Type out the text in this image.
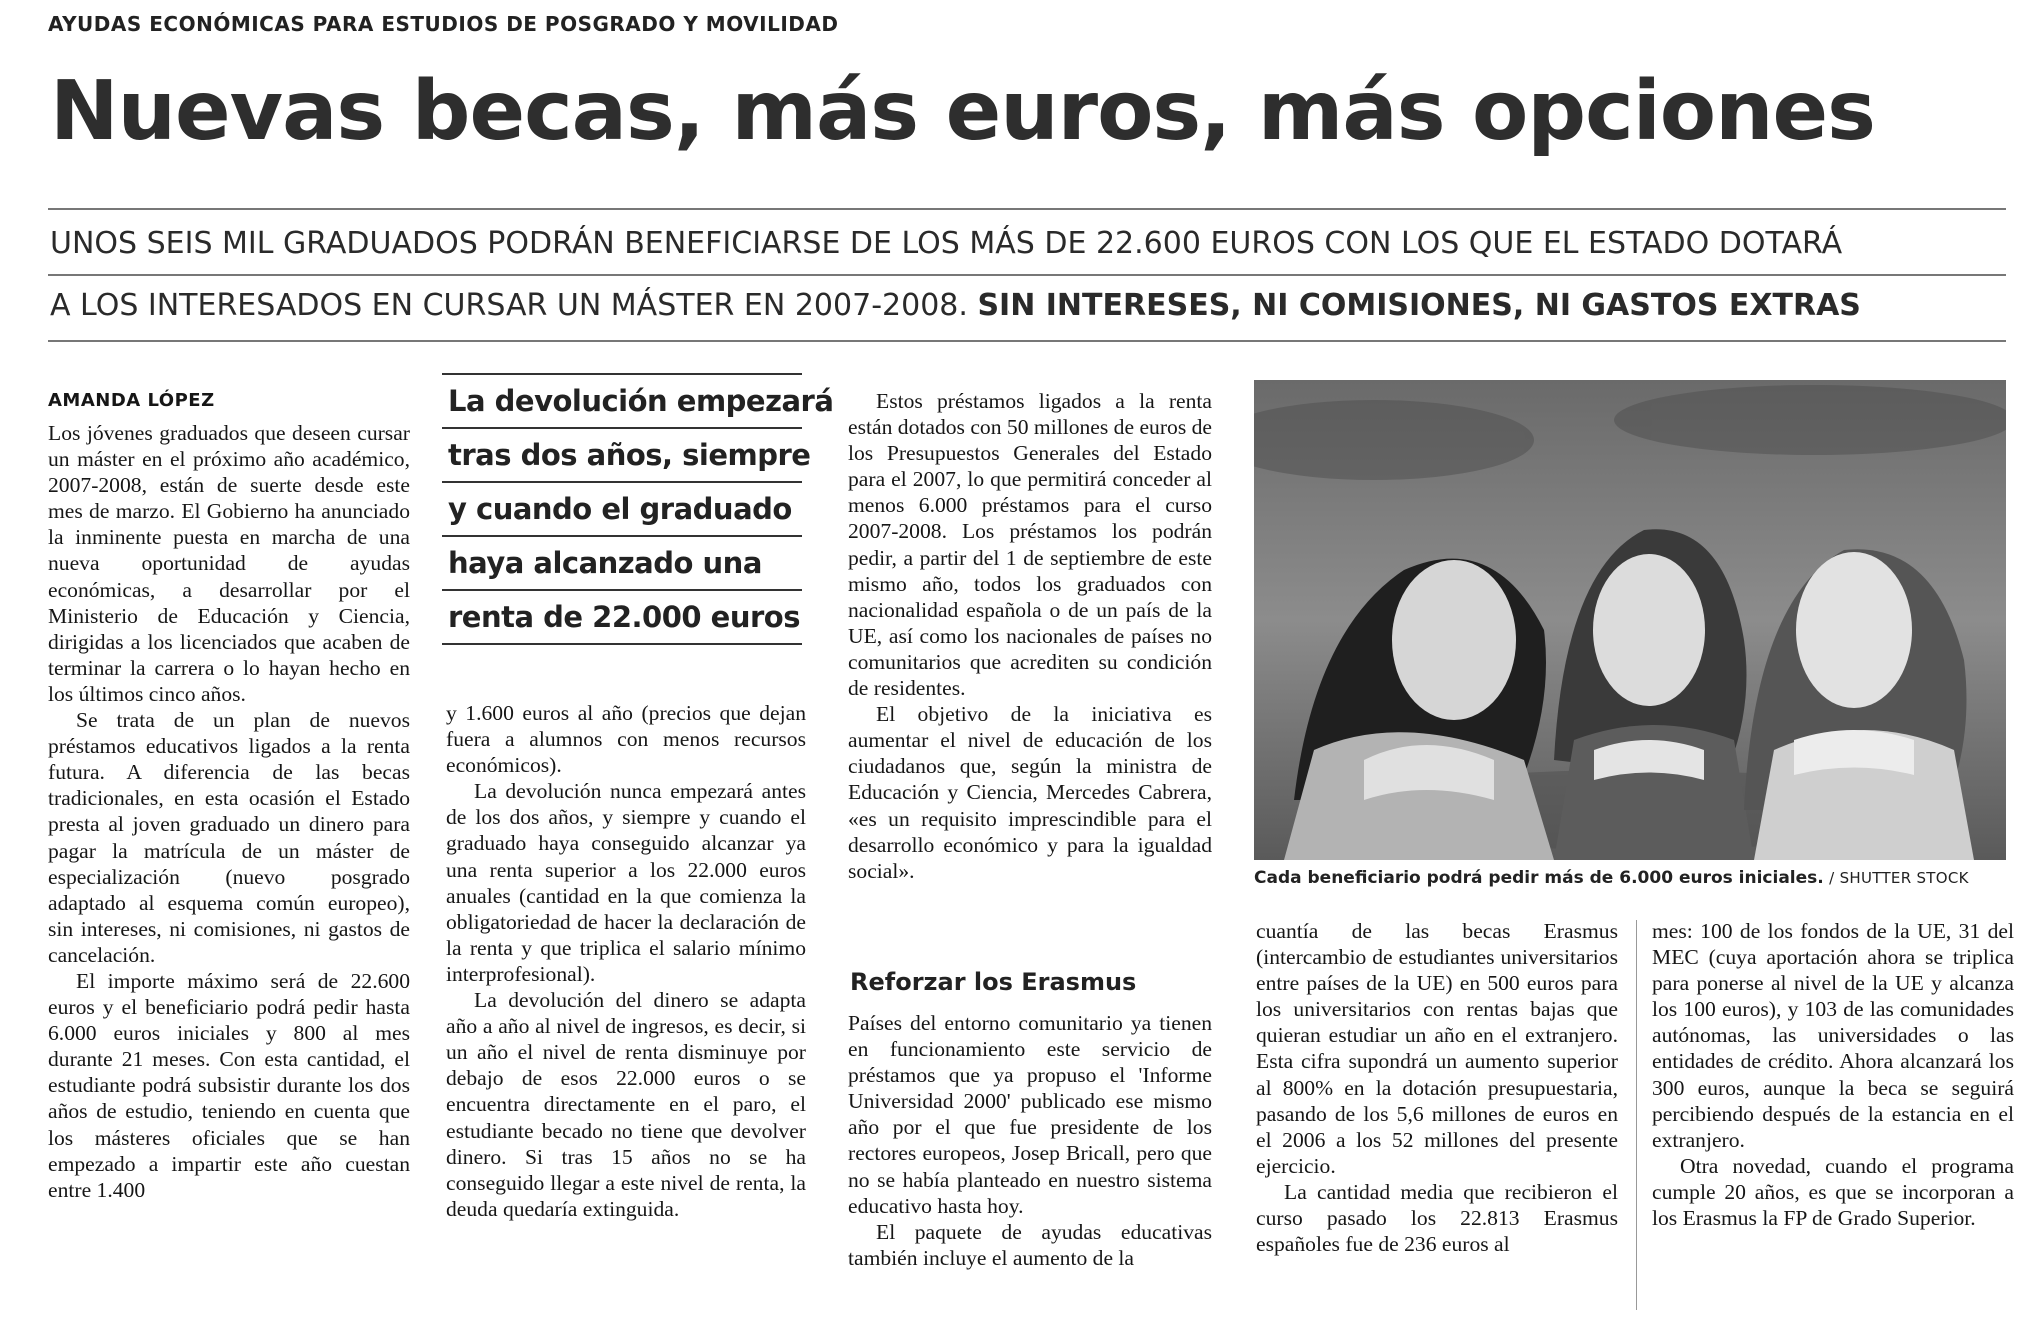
AYUDAS ECONÓMICAS PARA ESTUDIOS DE POSGRADO Y MOVILIDAD
Nuevas becas, más euros, más opciones
UNOS SEIS MIL GRADUADOS PODRÁN BENEFICIARSE DE LOS MÁS DE 22.600 EUROS CON LOS QUE EL ESTADO DOTARÁ
A LOS INTERESADOS EN CURSAR UN MÁSTER EN 2007-2008. SIN INTERESES, NI COMISIONES, NI GASTOS EXTRAS
AMANDA LÓPEZ

Los jóvenes graduados que deseen cursar un máster en el próximo año académico, 2007-2008, están de suerte desde este mes de marzo. El Gobierno ha anunciado la inminente puesta en marcha de una nueva oportunidad de ayudas económicas, a desarrollar por el Ministerio de Educación y Ciencia, dirigidas a los licenciados que acaben de terminar la carrera o lo hayan hecho en los últimos cinco años.

Se trata de un plan de nuevos préstamos educativos ligados a la renta futura. A diferencia de las becas tradicionales, en esta ocasión el Estado presta al joven graduado un dinero para pagar la matrícula de un máster de especialización (nuevo posgrado adaptado al esquema común europeo), sin intereses, ni comisiones, ni gastos de cancelación.

El importe máximo será de 22.600 euros y el beneficiario podrá pedir hasta 6.000 euros iniciales y 800 al mes durante 21 meses. Con esta cantidad, el estudiante podrá subsistir durante los dos años de estudio, teniendo en cuenta que los másteres oficiales que se han empezado a impartir este año cuestan entre 1.400

La devolución empezará
tras dos años, siempre
y cuando el graduado
haya alcanzado una
renta de 22.000 euros

y 1.600 euros al año (precios que dejan fuera a alumnos con menos recursos económicos).

La devolución nunca empezará antes de los dos años, y siempre y cuando el graduado haya conseguido alcanzar ya una renta superior a los 22.000 euros anuales (cantidad en la que comienza la obligatoriedad de hacer la declaración de la renta y que triplica el salario mínimo interprofesional).

La devolución del dinero se adapta año a año al nivel de ingresos, es decir, si un año el nivel de renta disminuye por debajo de esos 22.000 euros o se encuentra directamente en el paro, el estudiante becado no tiene que devolver dinero. Si tras 15 años no se ha conseguido llegar a este nivel de renta, la deuda quedaría extinguida.

Estos préstamos ligados a la renta están dotados con 50 millones de euros de los Presupuestos Generales del Estado para el 2007, lo que permitirá conceder al menos 6.000 préstamos para el curso 2007-2008. Los préstamos los podrán pedir, a partir del 1 de septiembre de este mismo año, todos los graduados con nacionalidad española o de un país de la UE, así como los nacionales de países no comunitarios que acrediten su condición de residentes.

El objetivo de la iniciativa es aumentar el nivel de educación de los ciudadanos que, según la ministra de Educación y Ciencia, Mercedes Cabrera, «es un requisito imprescindible para el desarrollo económico y para la igualdad social».

Reforzar los Erasmus

Países del entorno comunitario ya tienen en funcionamiento este servicio de préstamos que ya propuso el 'Informe Universidad 2000' publicado ese mismo año por el que fue presidente de los rectores europeos, Josep Bricall, pero que no se había planteado en nuestro sistema educativo hasta hoy.

El paquete de ayudas educativas también incluye el aumento de la

Cada beneficiario podrá pedir más de 6.000 euros iniciales. / SHUTTER STOCK

cuantía de las becas Erasmus (intercambio de estudiantes universitarios entre países de la UE) en 500 euros para los universitarios con rentas bajas que quieran estudiar un año en el extranjero. Esta cifra supondrá un aumento superior al 800% en la dotación presupuestaria, pasando de los 5,6 millones de euros en el 2006 a los 52 millones del presente ejercicio.

La cantidad media que recibieron el curso pasado los 22.813 Erasmus españoles fue de 236 euros al

mes: 100 de los fondos de la UE, 31 del MEC (cuya aportación ahora se triplica para ponerse al nivel de la UE y alcanza los 100 euros), y 103 de las comunidades autónomas, las universidades o las entidades de crédito. Ahora alcanzará los 300 euros, aunque la beca se seguirá percibiendo después de la estancia en el extranjero.

Otra novedad, cuando el programa cumple 20 años, es que se incorporan a los Erasmus la FP de Grado Superior.
